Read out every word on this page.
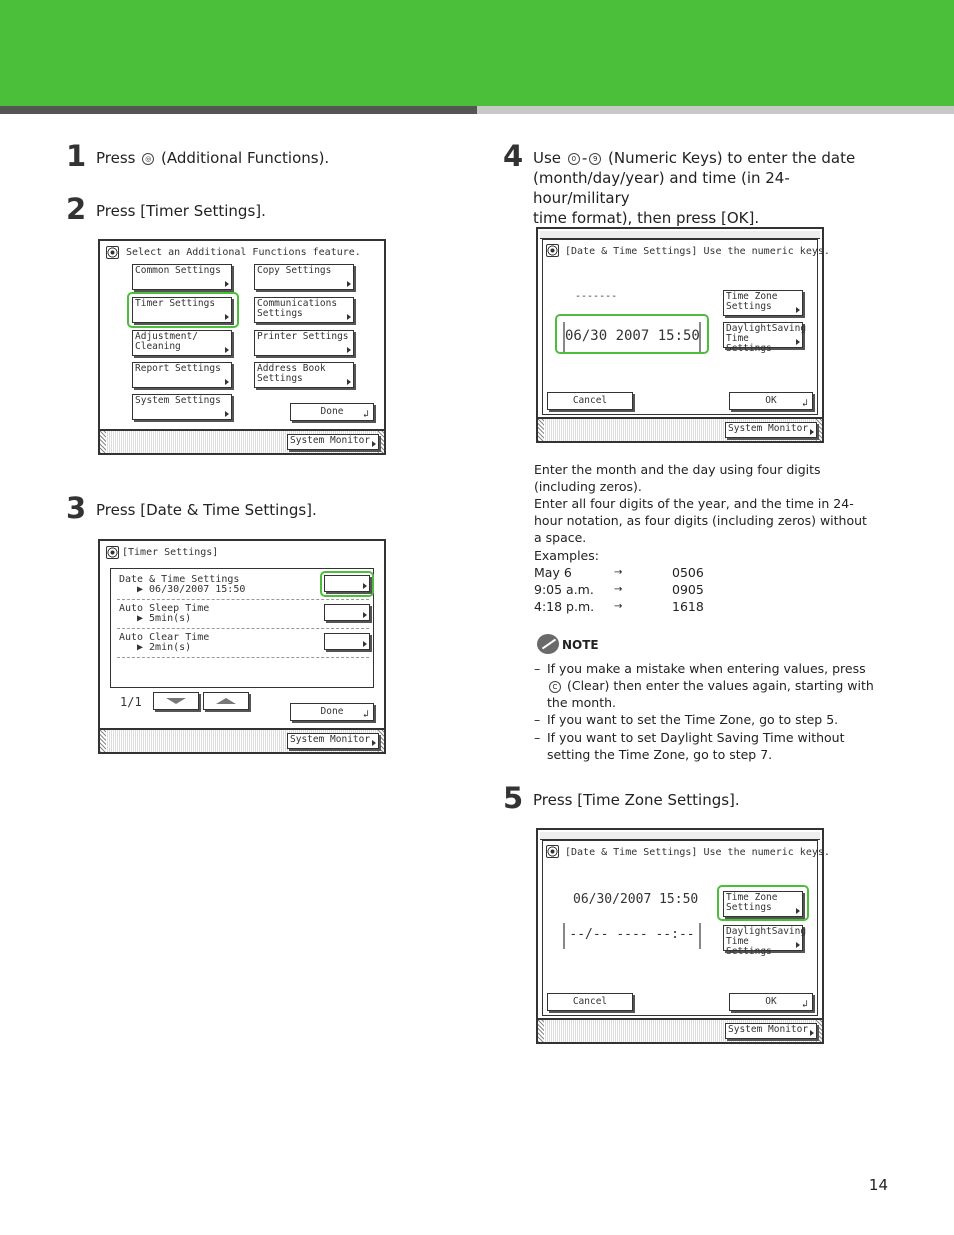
1 Press ◎ (Additional Functions).
2 Press [Timer Settings].
Select an Additional Functions feature.
Common Settings	Copy Settings
Timer Settings	Communications Settings
Adjustment/ Cleaning
Printer Settings
Report Settings	Address Book Settings
System Settings
Done ↲
System Monitor
3 Press [Date & Time Settings].
[Timer Settings]
Date & Time Settings
▶ 06/30/2007 15:50
Auto Sleep Time
▶ 5min(s)
Auto Clear Time
▶ 2min(s)
1/1
Done ↲
System Monitor
4 Use 0 - 9 (Numeric Keys) to enter the date
(month/day/year) and time (in 24-hour/military
time format), then press [OK].
[Date & Time Settings] Use the numeric keys.
-------
06/30 2007 15:50
Time Zone Settings
DaylightSaving Time Settings
Cancel	OK	↲
System Monitor
Enter the month and the day using four digits (including zeros).
Enter all four digits of the year, and the time in 24-hour notation, as four digits (including zeros) without a space.
Examples:
May 6	→	0506
9:05 a.m.	→	0905
4:18 p.m.	→	1618
NOTE
– If you make a mistake when entering values, press C (Clear) then enter the values again, starting with the month.
– If you want to set the Time Zone, go to step 5.
– If you want to set Daylight Saving Time without setting the Time Zone, go to step 7.
5 Press [Time Zone Settings].
[Date & Time Settings] Use the numeric keys.
06/30/2007 15:50
--/-- ---- --:--
Time Zone Settings
DaylightSaving Time Settings
Cancel	OK	↲
System Monitor
14
